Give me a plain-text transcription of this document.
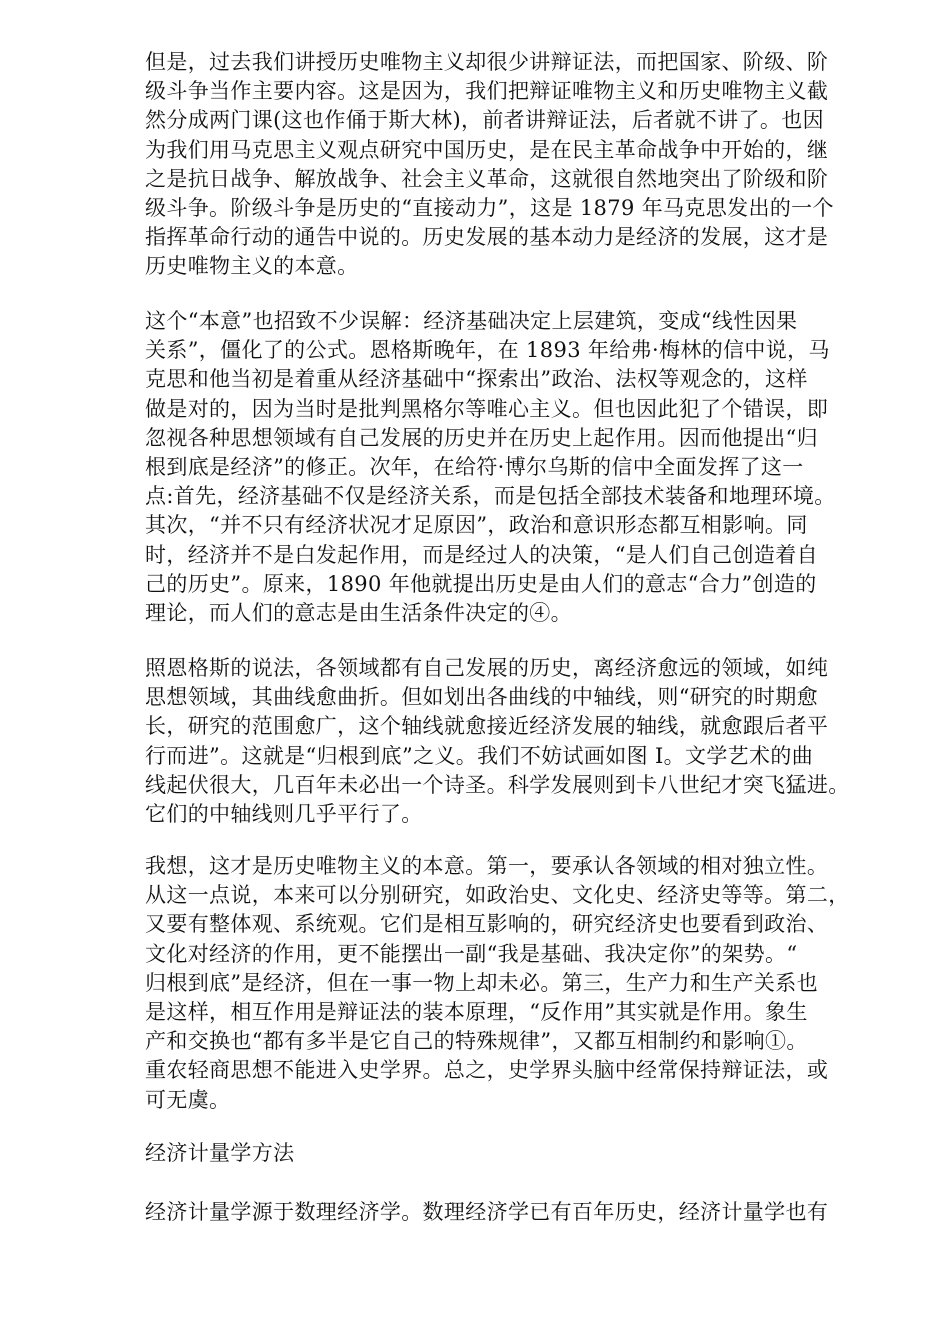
但是，过去我们讲授历史唯物主义却很少讲辩证法，而把国家、阶级、阶
级斗争当作主要内容。这是因为，我们把辩证唯物主义和历史唯物主义截
然分成两门课(这也作俑于斯大林)，前者讲辩证法，后者就不讲了。也因
为我们用马克思主义观点研究中国历史，是在民主革命战争中开始的，继
之是抗日战争、解放战争、社会主义革命，这就很自然地突出了阶级和阶
级斗争。阶级斗争是历史的“直接动力”，这是 1879 年马克思发出的一个
指挥革命行动的通告中说的。历史发展的基本动力是经济的发展，这才是
历史唯物主义的本意。
这个“本意”也招致不少误解：经济基础决定上层建筑，变成“线性因果
关系”，僵化了的公式。恩格斯晚年，在 1893 年给弗·梅林的信中说，马
克思和他当初是着重从经济基础中“探索出”政治、法权等观念的，这样
做是对的，因为当时是批判黑格尔等唯心主义。但也因此犯了个错误，即
忽视各种思想领域有自己发展的历史并在历史上起作用。因而他提出“归
根到底是经济”的修正。次年，在给符·博尔乌斯的信中全面发挥了这一
点:首先，经济基础不仅是经济关系，而是包括全部技术装备和地理环境。
其次，“并不只有经济状况才足原因”，政治和意识形态都互相影响。同
时，经济并不是白发起作用，而是经过人的决策，“是人们自己创造着自
己的历史”。原来，1890 年他就提出历史是由人们的意志“合力”创造的
理论，而人们的意志是由生活条件决定的④。
照恩格斯的说法，各领域都有自己发展的历史，离经济愈远的领域，如纯
思想领域，其曲线愈曲折。但如划出各曲线的中轴线，则“研究的时期愈
长，研究的范围愈广，这个轴线就愈接近经济发展的轴线，就愈跟后者平
行而进”。这就是“归根到底”之义。我们不妨试画如图 I。文学艺术的曲
线起伏很大，几百年未必出一个诗圣。科学发展则到卡八世纪才突飞猛进。
它们的中轴线则几乎平行了。
我想，这才是历史唯物主义的本意。第一，要承认各领域的相对独立性。
从这一点说，本来可以分别研究，如政治史、文化史、经济史等等。第二，
又要有整体观、系统观。它们是相互影响的，研究经济史也要看到政治、
文化对经济的作用，更不能摆出一副“我是基础、我决定你”的架势。“
归根到底”是经济，但在一事一物上却未必。第三，生产力和生产关系也
是这样，相互作用是辩证法的装本原理，“反作用”其实就是作用。象生
产和交换也“都有多半是它自己的特殊规律”，又都互相制约和影响①。
重农轻商思想不能进入史学界。总之，史学界头脑中经常保持辩证法，或
可无虞。
经济计量学方法
经济计量学源于数理经济学。数理经济学已有百年历史，经济计量学也有
